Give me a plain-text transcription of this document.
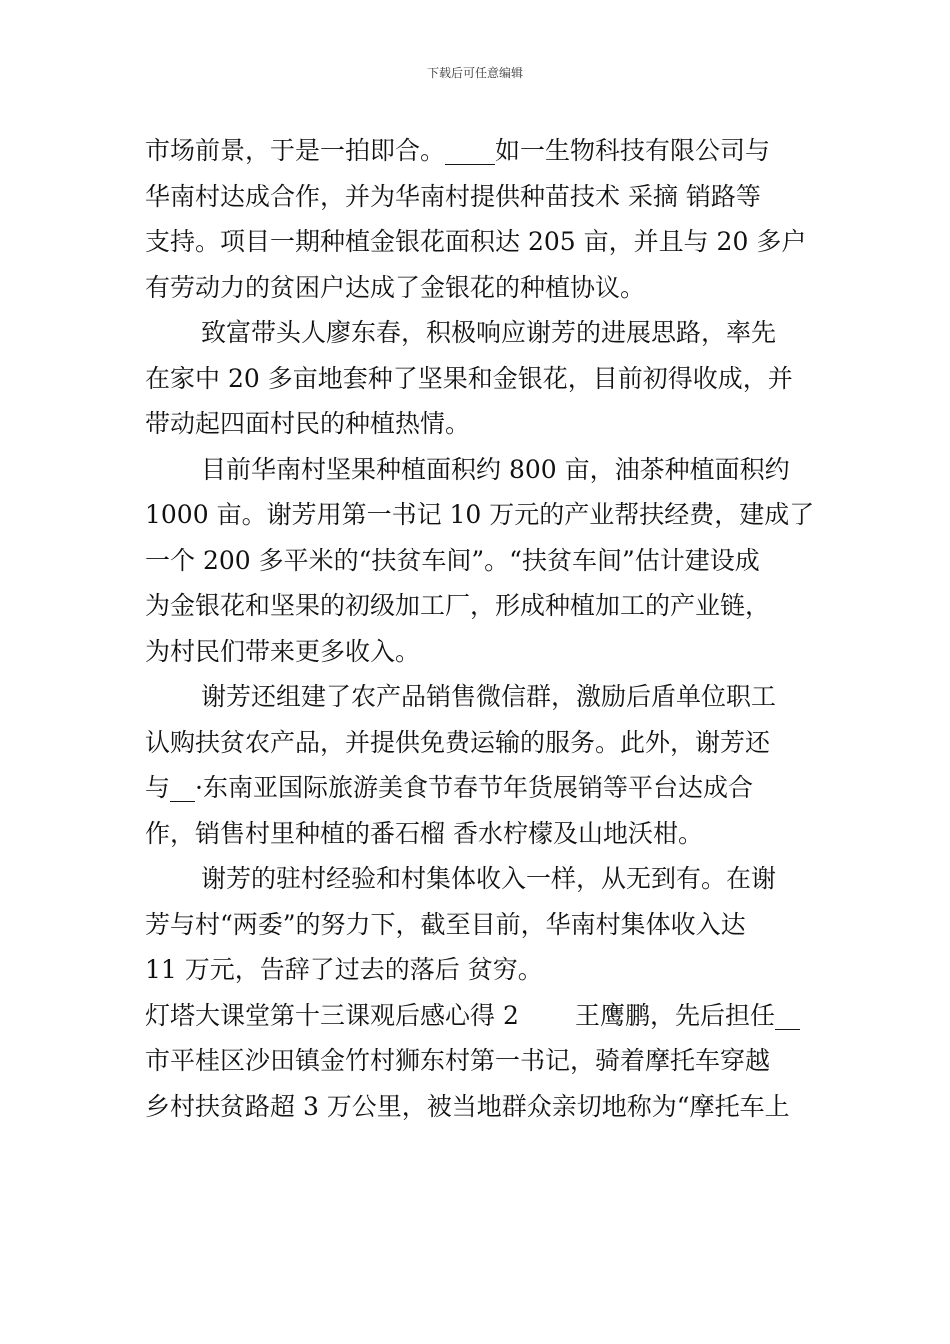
下载后可任意编辑
市场前景，于是一拍即合。____如一生物科技有限公司与
华南村达成合作，并为华南村提供种苗技术 采摘 销路等
支持。项目一期种植金银花面积达 205 亩，并且与 20 多户
有劳动力的贫困户达成了金银花的种植协议。
致富带头人廖东春，积极响应谢芳的进展思路，率先
在家中 20 多亩地套种了坚果和金银花，目前初得收成，并
带动起四面村民的种植热情。
目前华南村坚果种植面积约 800 亩，油茶种植面积约
1000 亩。谢芳用第一书记 10 万元的产业帮扶经费，建成了
一个 200 多平米的“扶贫车间”。“扶贫车间”估计建设成
为金银花和坚果的初级加工厂，形成种植加工的产业链，
为村民们带来更多收入。
谢芳还组建了农产品销售微信群，激励后盾单位职工
认购扶贫农产品，并提供免费运输的服务。此外，谢芳还
与__·东南亚国际旅游美食节春节年货展销等平台达成合
作，销售村里种植的番石榴 香水柠檬及山地沃柑。
谢芳的驻村经验和村集体收入一样，从无到有。在谢
芳与村“两委”的努力下，截至目前，华南村集体收入达
11 万元，告辞了过去的落后 贫穷。
灯塔大课堂第十三课观后感心得 2 王鹰鹏，先后担任__
市平桂区沙田镇金竹村狮东村第一书记，骑着摩托车穿越
乡村扶贫路超 3 万公里，被当地群众亲切地称为“摩托车上
